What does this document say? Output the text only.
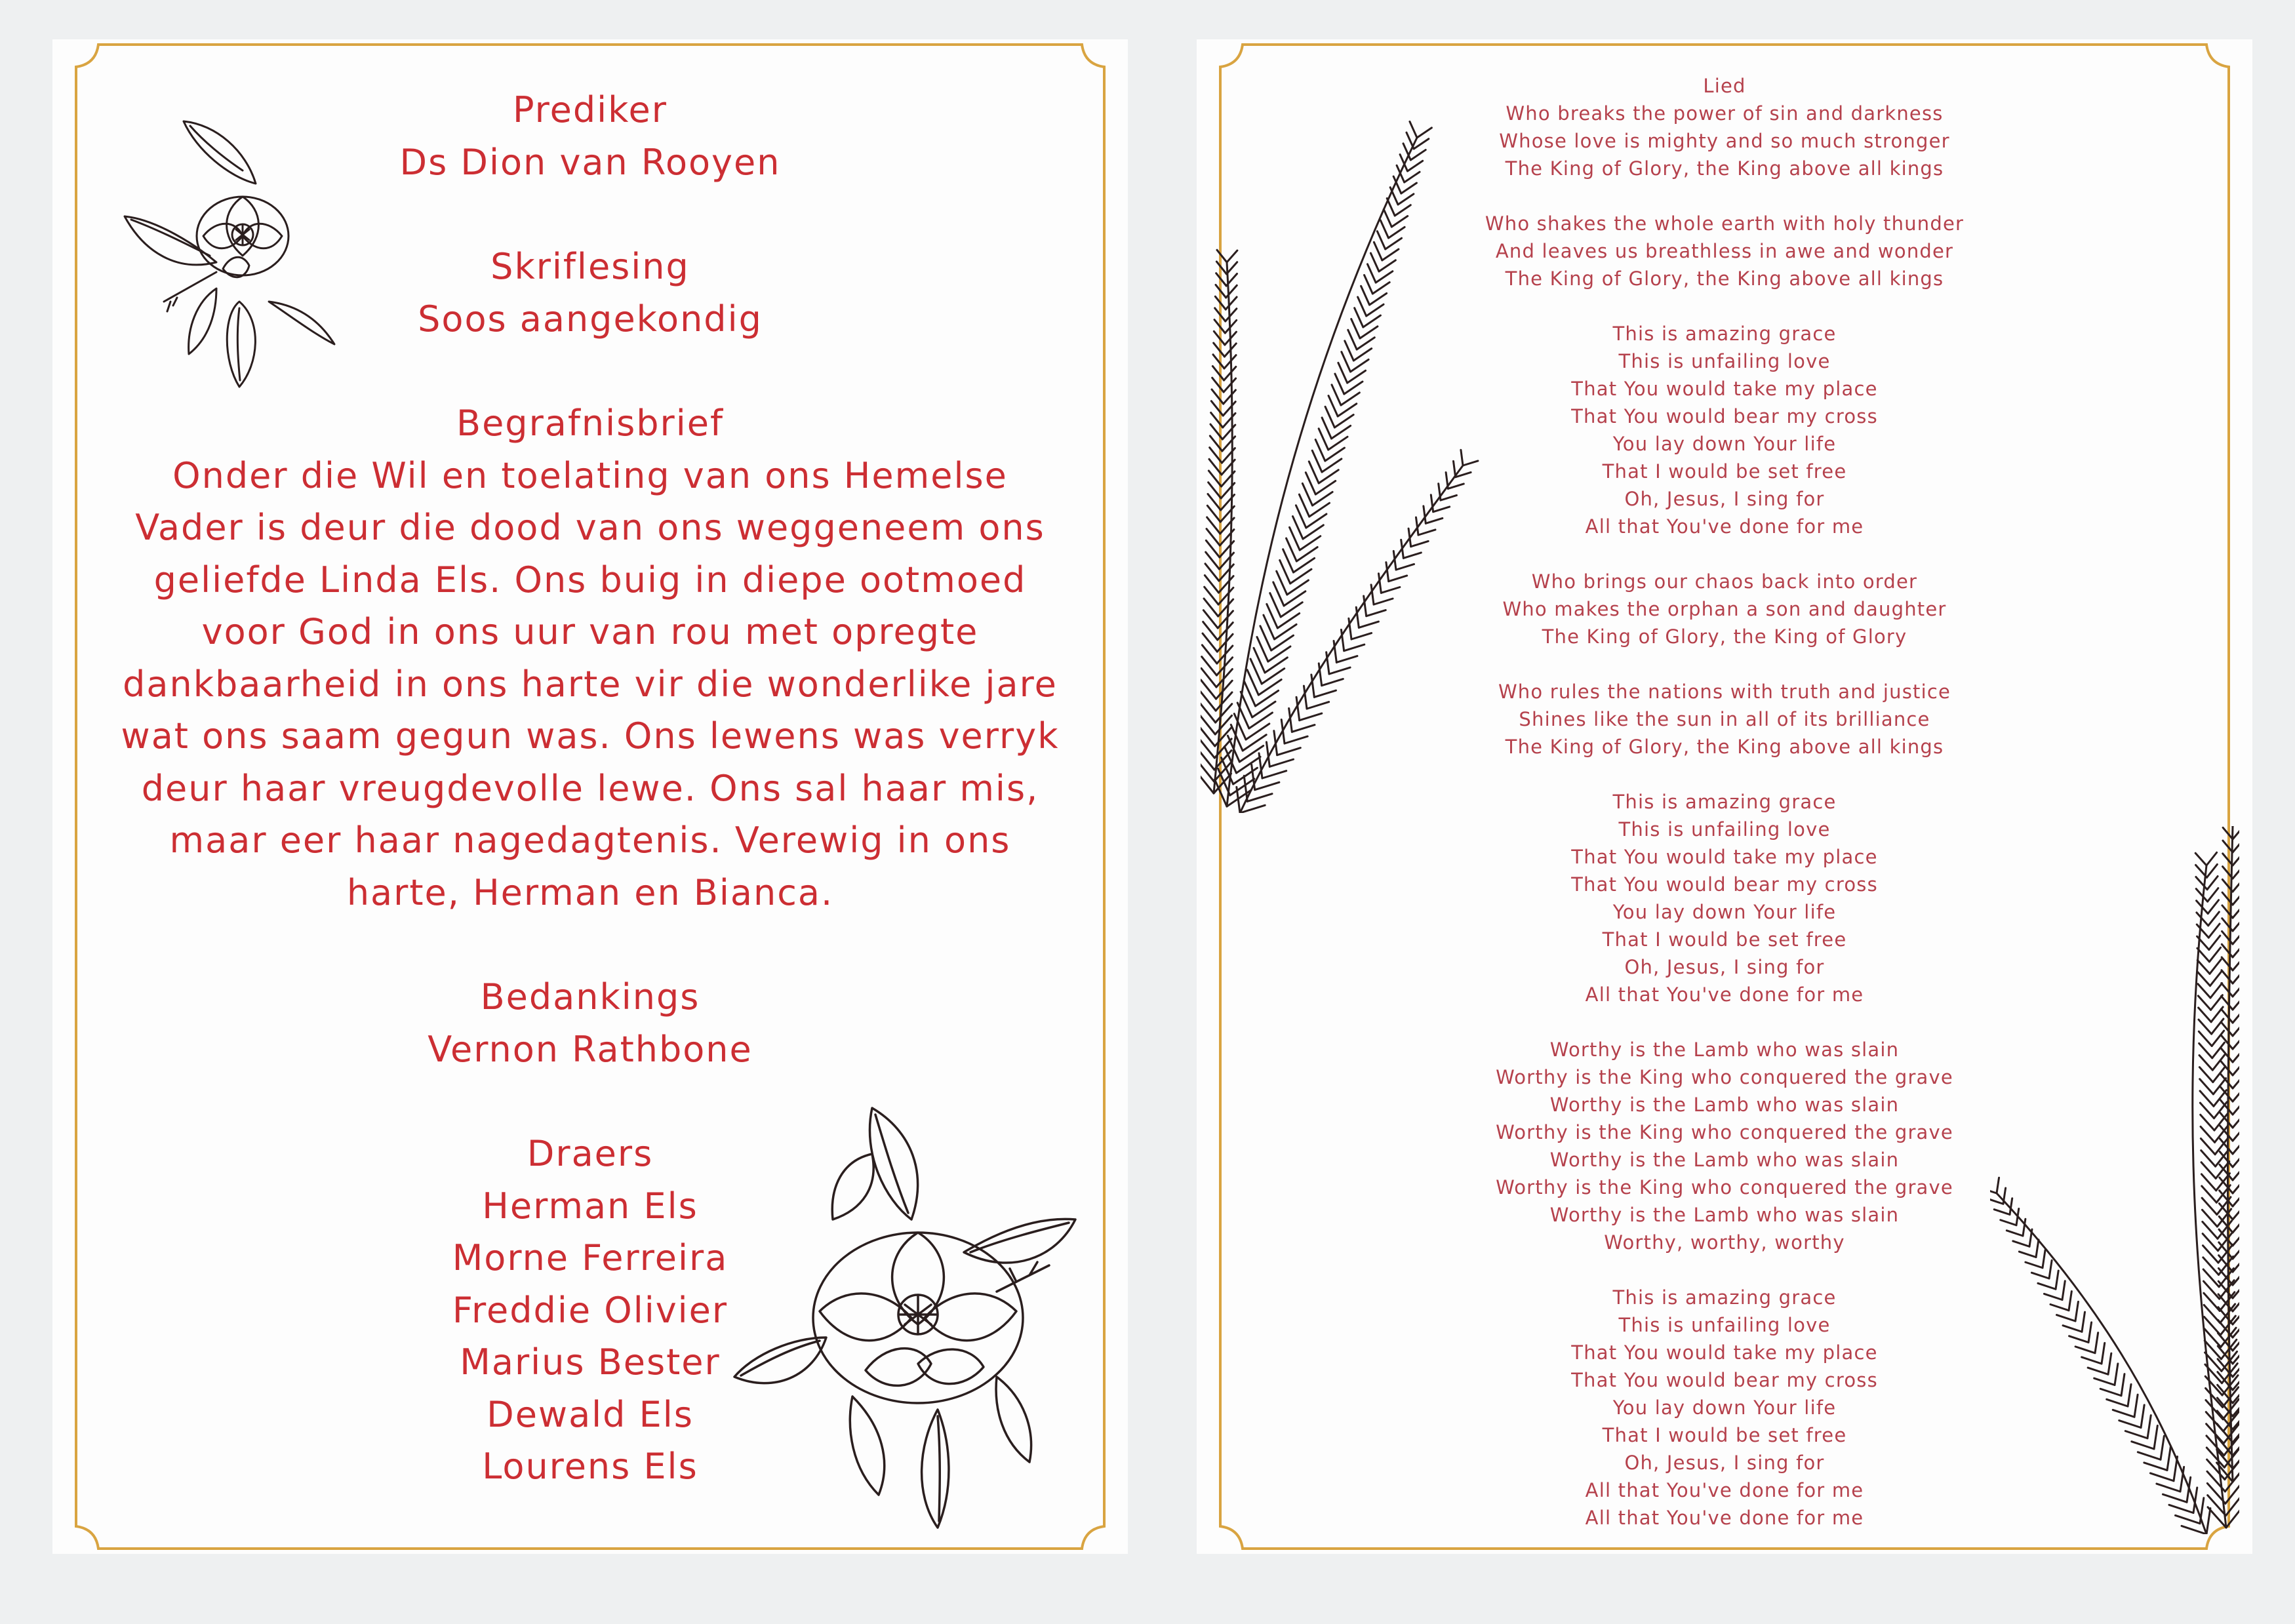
Prediker
Ds Dion van Rooyen
Skriflesing
Soos aangekondig
Begrafnisbrief
Onder die Wil en toelating van ons Hemelse
Vader is deur die dood van ons weggeneem ons
geliefde Linda Els. Ons buig in diepe ootmoed
voor God in ons uur van rou met opregte
dankbaarheid in ons harte vir die wonderlike jare
wat ons saam gegun was. Ons lewens was verryk
deur haar vreugdevolle lewe. Ons sal haar mis,
maar eer haar nagedagtenis. Verewig in ons
harte, Herman en Bianca.
Bedankings
Vernon Rathbone
Draers
Herman Els
Morne Ferreira
Freddie Olivier
Marius Bester
Dewald Els
Lourens Els
Lied
Who breaks the power of sin and darkness
Whose love is mighty and so much stronger
The King of Glory, the King above all kings
Who shakes the whole earth with holy thunder
And leaves us breathless in awe and wonder
The King of Glory, the King above all kings
This is amazing grace
This is unfailing love
That You would take my place
That You would bear my cross
You lay down Your life
That I would be set free
Oh, Jesus, I sing for
All that You've done for me
Who brings our chaos back into order
Who makes the orphan a son and daughter
The King of Glory, the King of Glory
Who rules the nations with truth and justice
Shines like the sun in all of its brilliance
The King of Glory, the King above all kings
This is amazing grace
This is unfailing love
That You would take my place
That You would bear my cross
You lay down Your life
That I would be set free
Oh, Jesus, I sing for
All that You've done for me
Worthy is the Lamb who was slain
Worthy is the King who conquered the grave
Worthy is the Lamb who was slain
Worthy is the King who conquered the grave
Worthy is the Lamb who was slain
Worthy is the King who conquered the grave
Worthy is the Lamb who was slain
Worthy, worthy, worthy
This is amazing grace
This is unfailing love
That You would take my place
That You would bear my cross
You lay down Your life
That I would be set free
Oh, Jesus, I sing for
All that You've done for me
All that You've done for me
